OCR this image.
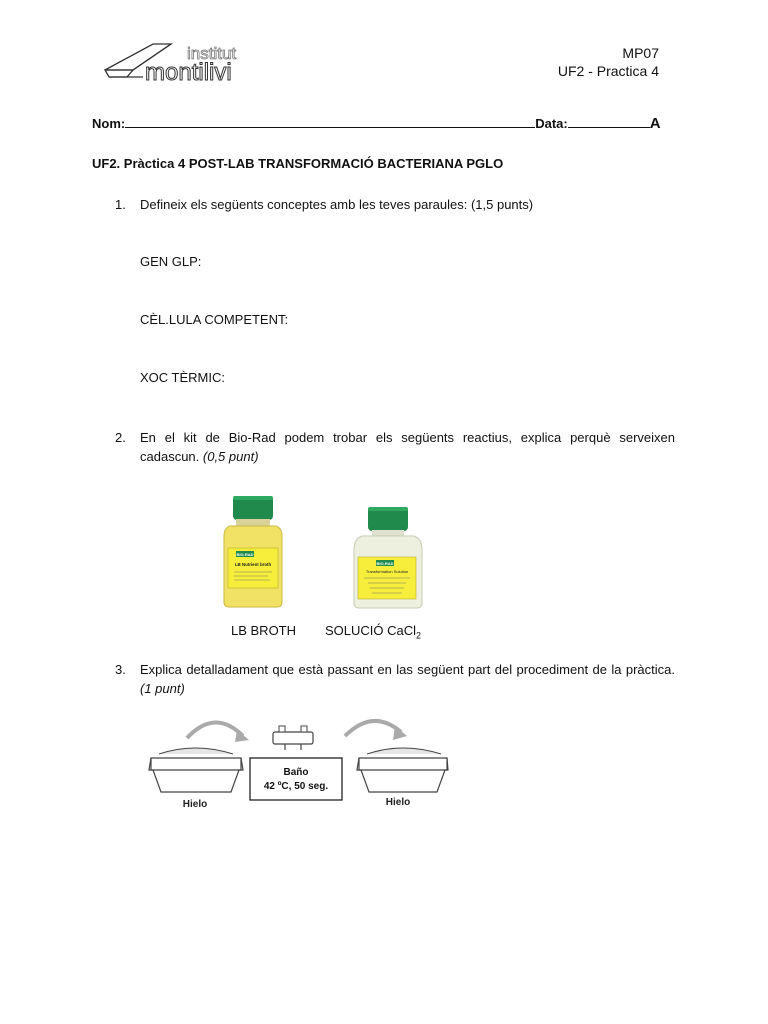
institut
montilivi
MP07
UF2 - Practica 4
Nom:	Data:	A
UF2. Pràctica 4 POST-LAB TRANSFORMACIÓ BACTERIANA PGLO
1. Defineix els següents conceptes amb les teves paraules: (1,5 punts)
GEN GLP:
CÈL.LULA COMPETENT:
XOC TÈRMIC:
2. En el kit de Bio-Rad podem trobar els següents reactius, explica perquè serveixen cadascun. (0,5 punt)
BIO-RAD
LB Nutrient broth	BIO-RAD
Transformation Solution
LB BROTH SOLUCIÓ CaCl$_2$
3. Explica detalladament que està passant en las següent part del procediment de la pràctica. (1 punt)
Hielo
Baño
42 ºC, 50 seg.
Hielo
